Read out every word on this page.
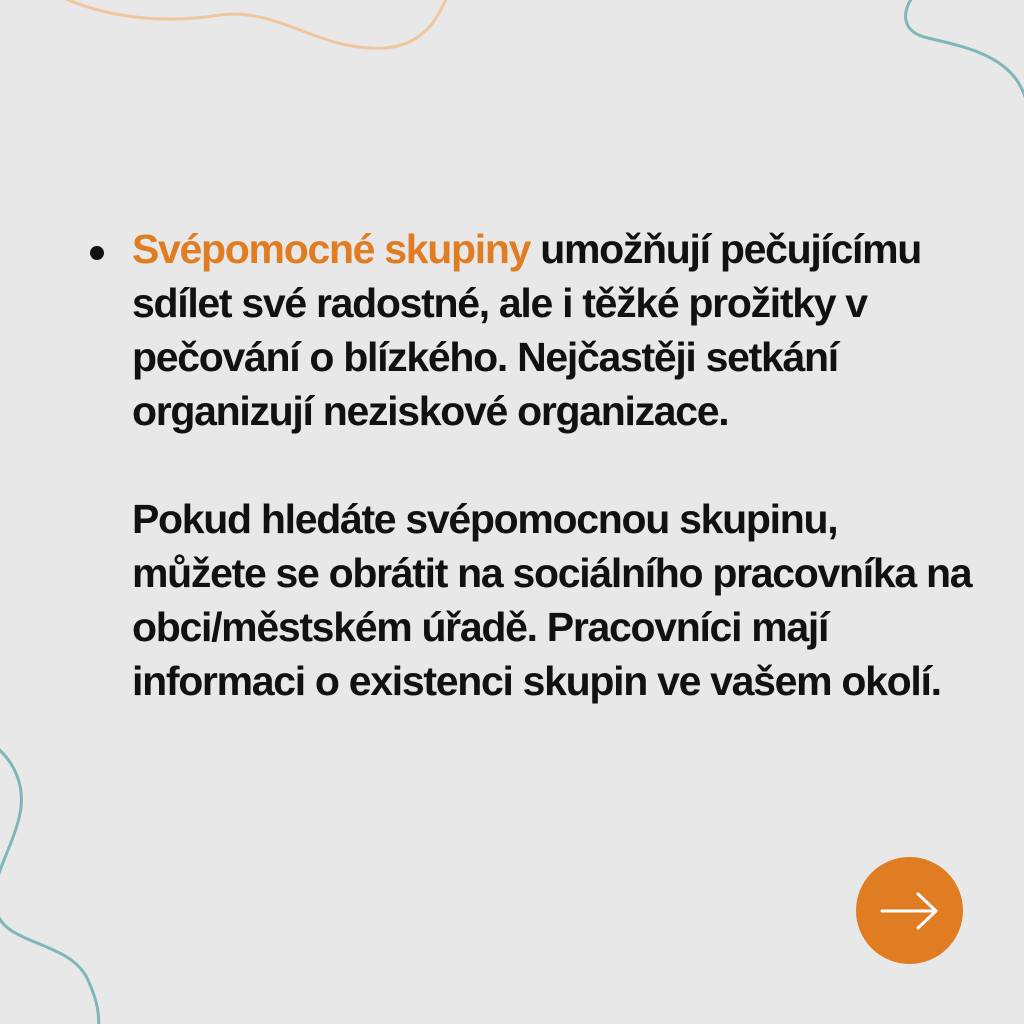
Svépomocné skupiny umožňují pečujícímu sdílet své radostné, ale i těžké prožitky v pečování o blízkého. Nejčastěji setkání organizují neziskové organizace.

Pokud hledáte svépomocnou skupinu, můžete se obrátit na sociálního pracovníka na obci/městském úřadě. Pracovníci mají informaci o existenci skupin ve vašem okolí.
